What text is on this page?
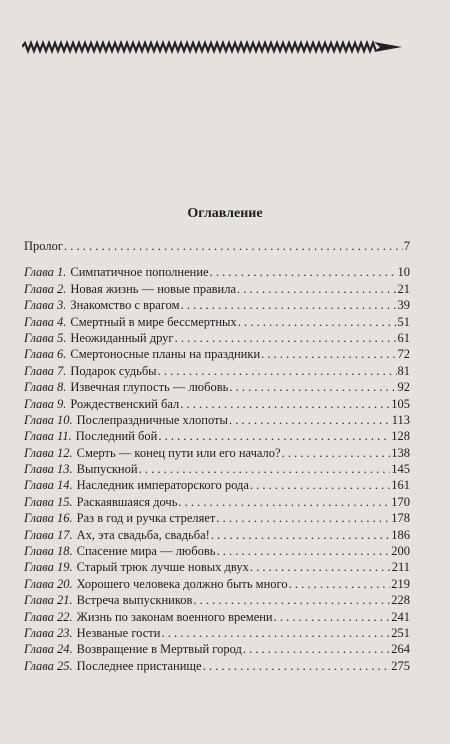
Оглавление
Пролог . . .	7
Глава 1. Симпатичное пополнение . . .	10
Глава 2. Новая жизнь — новые правила . . .	21
Глава 3. Знакомство с врагом . . .	39
Глава 4. Смертный в мире бессмертных . . .	51
Глава 5. Неожиданный друг . . .	61
Глава 6. Смертоносные планы на праздники . . .	72
Глава 7. Подарок судьбы . . .	81
Глава 8. Извечная глупость — любовь . . .	92
Глава 9. Рождественский бал . . .	105
Глава 10. Послепраздничные хлопоты . . .	113
Глава 11. Последний бой . . .	128
Глава 12. Смерть — конец пути или его начало? . . .	138
Глава 13. Выпускной . . .	145
Глава 14. Наследник императорского рода . . .	161
Глава 15. Раскаявшаяся дочь . . .	170
Глава 16. Раз в год и ручка стреляет . . .	178
Глава 17. Ах, эта свадьба, свадьба! . . .	186
Глава 18. Спасение мира — любовь . . .	200
Глава 19. Старый трюк лучше новых двух . . .	211
Глава 20. Хорошего человека должно быть много . . .	219
Глава 21. Встреча выпускников . . .	228
Глава 22. Жизнь по законам военного времени . . .	241
Глава 23. Незваные гости . . .	251
Глава 24. Возвращение в Мертвый город . . .	264
Глава 25. Последнее пристанище . . .	275
